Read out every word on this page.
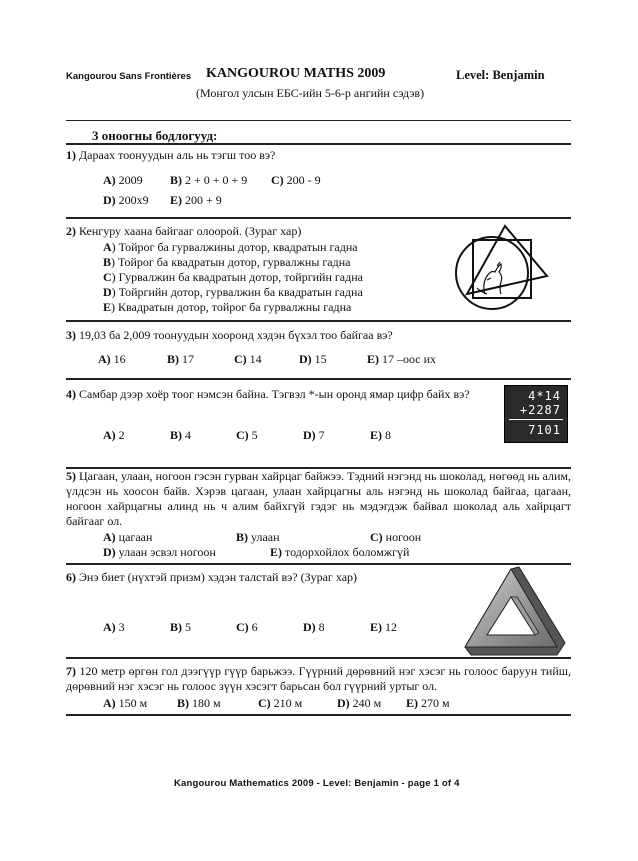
Kangourou Sans Frontières KANGOUROU MATHS 2009	Level: Benjamin
(Монгол улсын ЕБС-ийн 5-6-р ангийн сэдэв)
3 оноогны бодлогууд:
1) Дараах тоонуудын аль нь тэгш тоо вэ?
A) 2009 B) 2 + 0 + 0 + 9 C) 200 - 9
D) 200x9 E) 200 + 9
2) Кенгуру хаана байгааг олоорой. (Зураг хар)
A) Тойрог ба гурвалжины дотор, квадратын гадна
B) Тойрог ба квадратын дотор, гурвалжны гадна
C) Гурвалжин ба квадратын дотор, тойргийн гадна
D) Тойргийн дотор, гурвалжин ба квадратын гадна
E) Квадратын дотор, тойрог ба гурвалжны гадна
3) 19,03 ба 2,009 тоонуудын хооронд хэдэн бүхэл тоо байгаа вэ?
A) 16	B) 17	C) 14	D) 15	E) 17 –оос их
4) Самбар дээр хоёр тоог нэмсэн байна. Тэгвэл *-ын оронд ямар цифр байх вэ?
A) 2	B) 4	C) 5	D) 7	E) 8
4*14
+2287
7101
5) Цагаан, улаан, ногоон гэсэн гурван хайрцаг байжээ. Тэдний нэгэнд нь шоколад, нөгөөд нь алим, үлдсэн нь хоосон байв. Хэрэв цагаан, улаан хайрцагны аль нэгэнд нь шоколад байгаа, цагаан, ногоон хайрцагны алинд нь ч алим байхгүй гэдэг нь мэдэгдэж байвал шоколад аль хайрцагт байгааг ол.
A) цагаан	B) улаан	C) ногоон
D) улаан эсвэл ногоон	E) тодорхойлох боломжгүй
6) Энэ биет (нүхтэй призм) хэдэн талстай вэ? (Зураг хар)
A) 3	B) 5	C) 6	D) 8	E) 12
7) 120 метр өргөн гол дээгүүр гүүр барьжээ. Гүүрний дөрөвний нэг хэсэг нь голоос баруун тийш, дөрөвний нэг хэсэг нь голоос зүүн хэсэгт барьсан бол гүүрний уртыг ол.
A) 150 м B) 180 м	C) 210 м	D) 240 м E) 270 м
Kangourou Mathematics 2009 - Level: Benjamin - page 1 of 4
